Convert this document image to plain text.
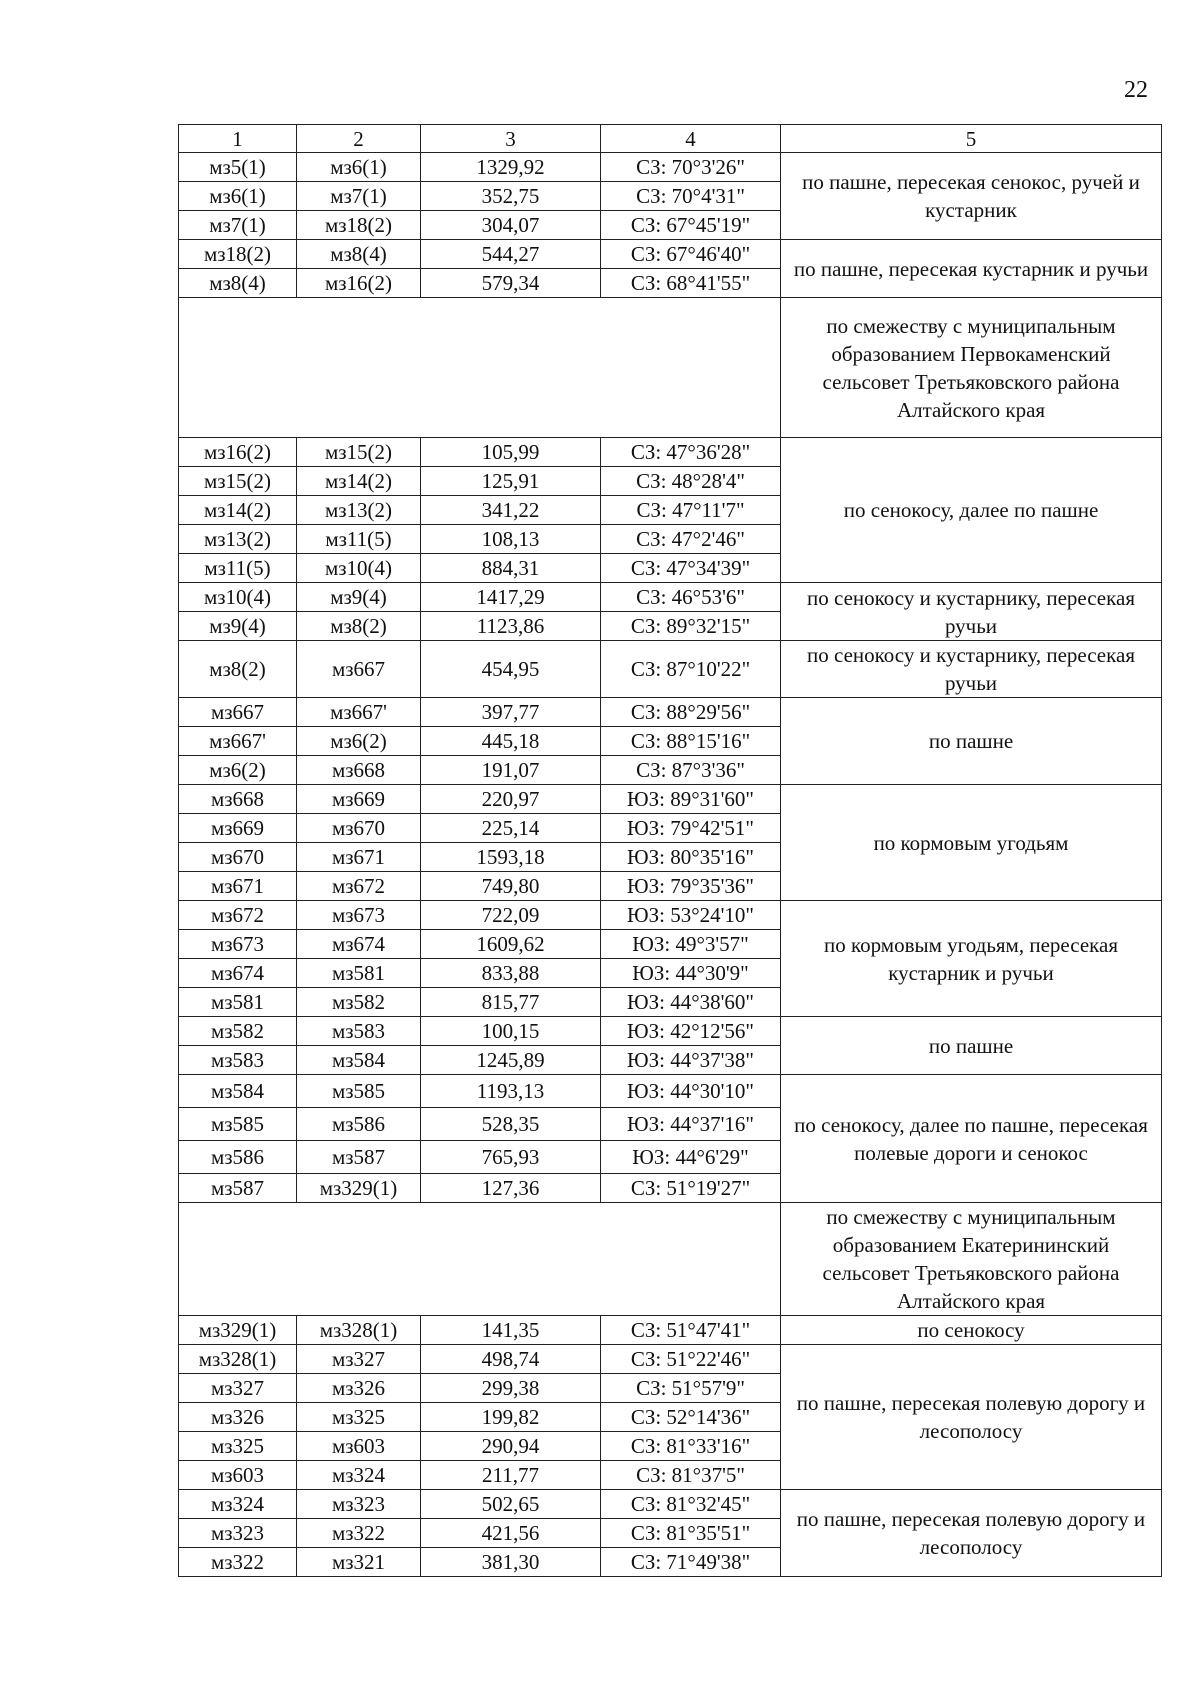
22
1	2	3	4	5
мз5(1)	мз6(1)	1329,92	СЗ: 70°3'26"	по пашне, пересекая сенокос, ручей и кустарник
мз6(1)	мз7(1)	352,75	СЗ: 70°4'31"	
мз7(1)	мз18(2)	304,07	СЗ: 67°45'19"	
мз18(2)	мз8(4)	544,27	СЗ: 67°46'40"	по пашне, пересекая кустарник и ручьи
мз8(4)	мз16(2)	579,34	СЗ: 68°41'55"	
				по смежеству с муниципальным образованием Первокаменский сельсовет Третьяковского района Алтайского края
мз16(2)	мз15(2)	105,99	СЗ: 47°36'28"	по сенокосу, далее по пашне
мз15(2)	мз14(2)	125,91	СЗ: 48°28'4"	
мз14(2)	мз13(2)	341,22	СЗ: 47°11'7"	
мз13(2)	мз11(5)	108,13	СЗ: 47°2'46"	
мз11(5)	мз10(4)	884,31	СЗ: 47°34'39"	
мз10(4)	мз9(4)	1417,29	СЗ: 46°53'6"	по сенокосу и кустарнику, пересекая ручьи
мз9(4)	мз8(2)	1123,86	СЗ: 89°32'15"	
мз8(2)	мз667	454,95	СЗ: 87°10'22"	по сенокосу и кустарнику, пересекая ручьи
мз667	мз667'	397,77	СЗ: 88°29'56"	по пашне
мз667'	мз6(2)	445,18	СЗ: 88°15'16"	
мз6(2)	мз668	191,07	СЗ: 87°3'36"	
мз668	мз669	220,97	ЮЗ: 89°31'60"	по кормовым угодьям
мз669	мз670	225,14	ЮЗ: 79°42'51"	
мз670	мз671	1593,18	ЮЗ: 80°35'16"	
мз671	мз672	749,80	ЮЗ: 79°35'36"	
мз672	мз673	722,09	ЮЗ: 53°24'10"	по кормовым угодьям, пересекая кустарник и ручьи
мз673	мз674	1609,62	ЮЗ: 49°3'57"	
мз674	мз581	833,88	ЮЗ: 44°30'9"	
мз581	мз582	815,77	ЮЗ: 44°38'60"	
мз582	мз583	100,15	ЮЗ: 42°12'56"	по пашне
мз583	мз584	1245,89	ЮЗ: 44°37'38"	
мз584	мз585	1193,13	ЮЗ: 44°30'10"	по сенокосу, далее по пашне, пересекая полевые дороги и сенокос
мз585	мз586	528,35	ЮЗ: 44°37'16"	
мз586	мз587	765,93	ЮЗ: 44°6'29"	
мз587	мз329(1)	127,36	СЗ: 51°19'27"	
				по смежеству с муниципальным образованием Екатерининский сельсовет Третьяковского района Алтайского края
мз329(1)	мз328(1)	141,35	СЗ: 51°47'41"	по сенокосу
мз328(1)	мз327	498,74	СЗ: 51°22'46"	по пашне, пересекая полевую дорогу и лесополосу
мз327	мз326	299,38	СЗ: 51°57'9"	
мз326	мз325	199,82	СЗ: 52°14'36"	
мз325	мз603	290,94	СЗ: 81°33'16"	
мз603	мз324	211,77	СЗ: 81°37'5"	
мз324	мз323	502,65	СЗ: 81°32'45"	по пашне, пересекая полевую дорогу и лесополосу
мз323	мз322	421,56	СЗ: 81°35'51"	
мз322	мз321	381,30	СЗ: 71°49'38"	
